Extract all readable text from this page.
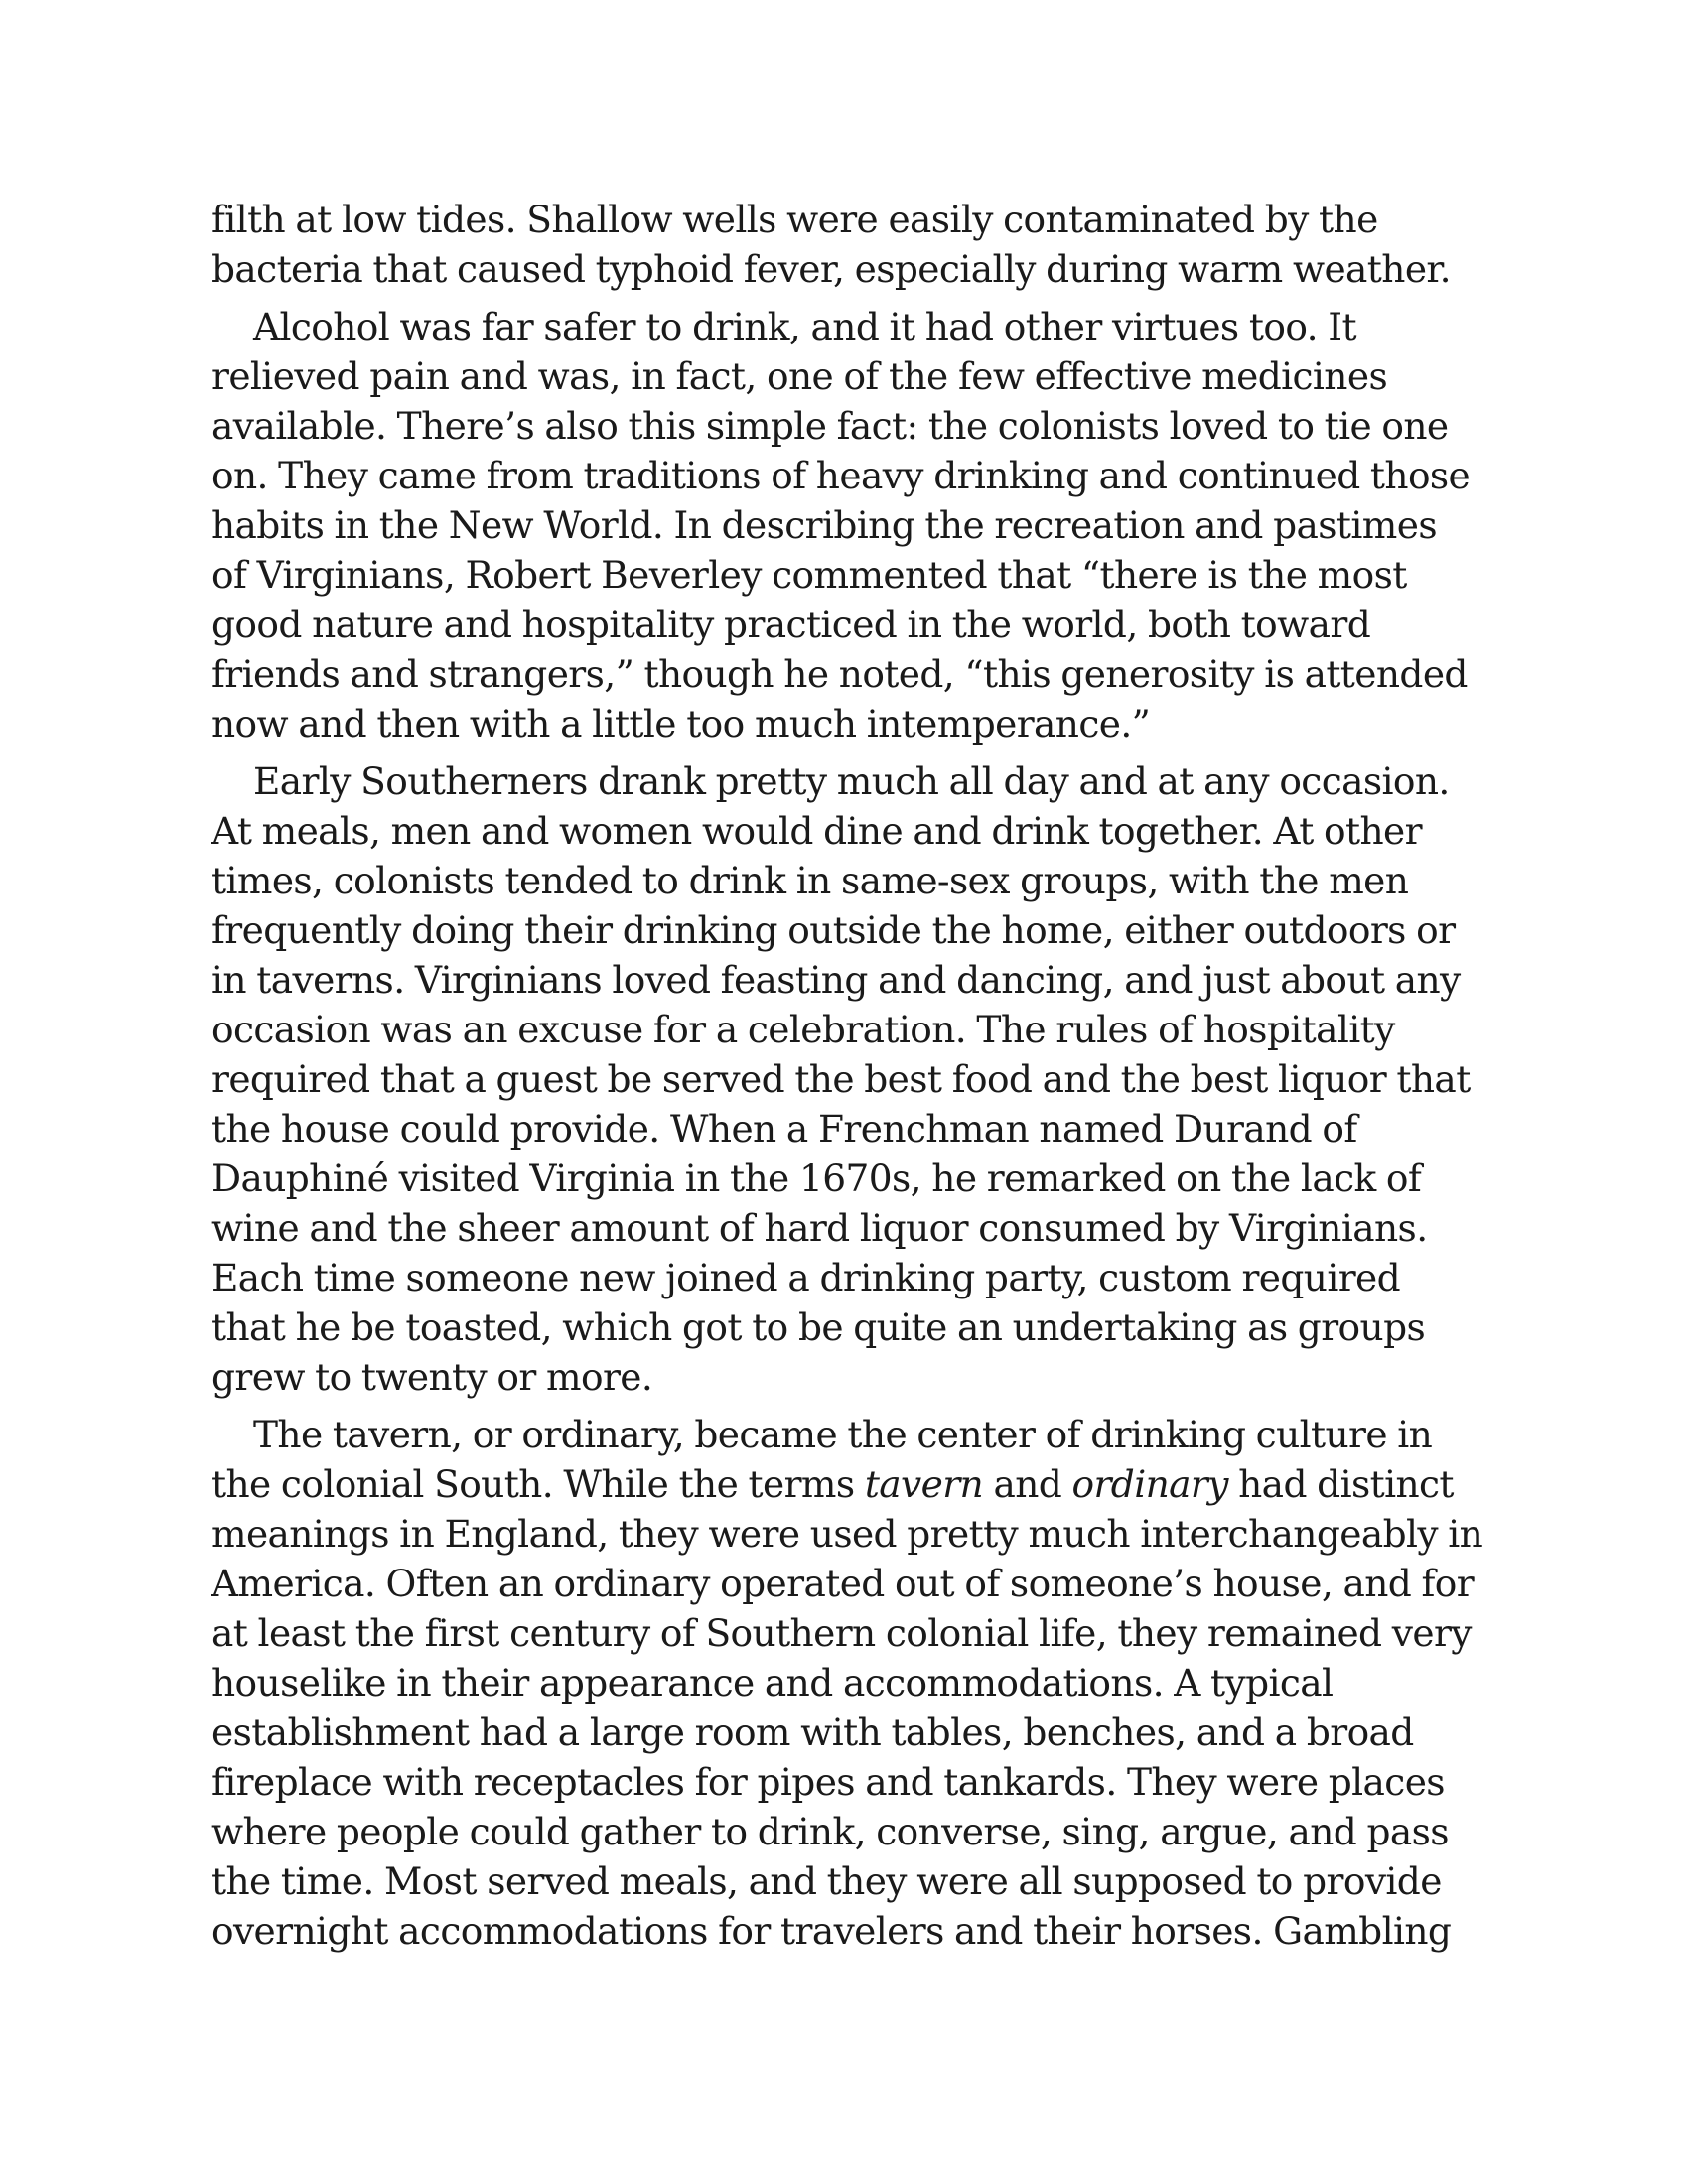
filth at low tides. Shallow wells were easily contaminated by the
bacteria that caused typhoid fever, especially during warm weather.
Alcohol was far safer to drink, and it had other virtues too. It
relieved pain and was, in fact, one of the few effective medicines
available. There’s also this simple fact: the colonists loved to tie one
on. They came from traditions of heavy drinking and continued those
habits in the New World. In describing the recreation and pastimes
of Virginians, Robert Beverley commented that “there is the most
good nature and hospitality practiced in the world, both toward
friends and strangers,” though he noted, “this generosity is attended
now and then with a little too much intemperance.”
Early Southerners drank pretty much all day and at any occasion.
At meals, men and women would dine and drink together. At other
times, colonists tended to drink in same-sex groups, with the men
frequently doing their drinking outside the home, either outdoors or
in taverns. Virginians loved feasting and dancing, and just about any
occasion was an excuse for a celebration. The rules of hospitality
required that a guest be served the best food and the best liquor that
the house could provide. When a Frenchman named Durand of
Dauphiné visited Virginia in the 1670s, he remarked on the lack of
wine and the sheer amount of hard liquor consumed by Virginians.
Each time someone new joined a drinking party, custom required
that he be toasted, which got to be quite an undertaking as groups
grew to twenty or more.
The tavern, or ordinary, became the center of drinking culture in
the colonial South. While the terms tavern and ordinary had distinct
meanings in England, they were used pretty much interchangeably in
America. Often an ordinary operated out of someone’s house, and for
at least the first century of Southern colonial life, they remained very
houselike in their appearance and accommodations. A typical
establishment had a large room with tables, benches, and a broad
fireplace with receptacles for pipes and tankards. They were places
where people could gather to drink, converse, sing, argue, and pass
the time. Most served meals, and they were all supposed to provide
overnight accommodations for travelers and their horses. Gambling
